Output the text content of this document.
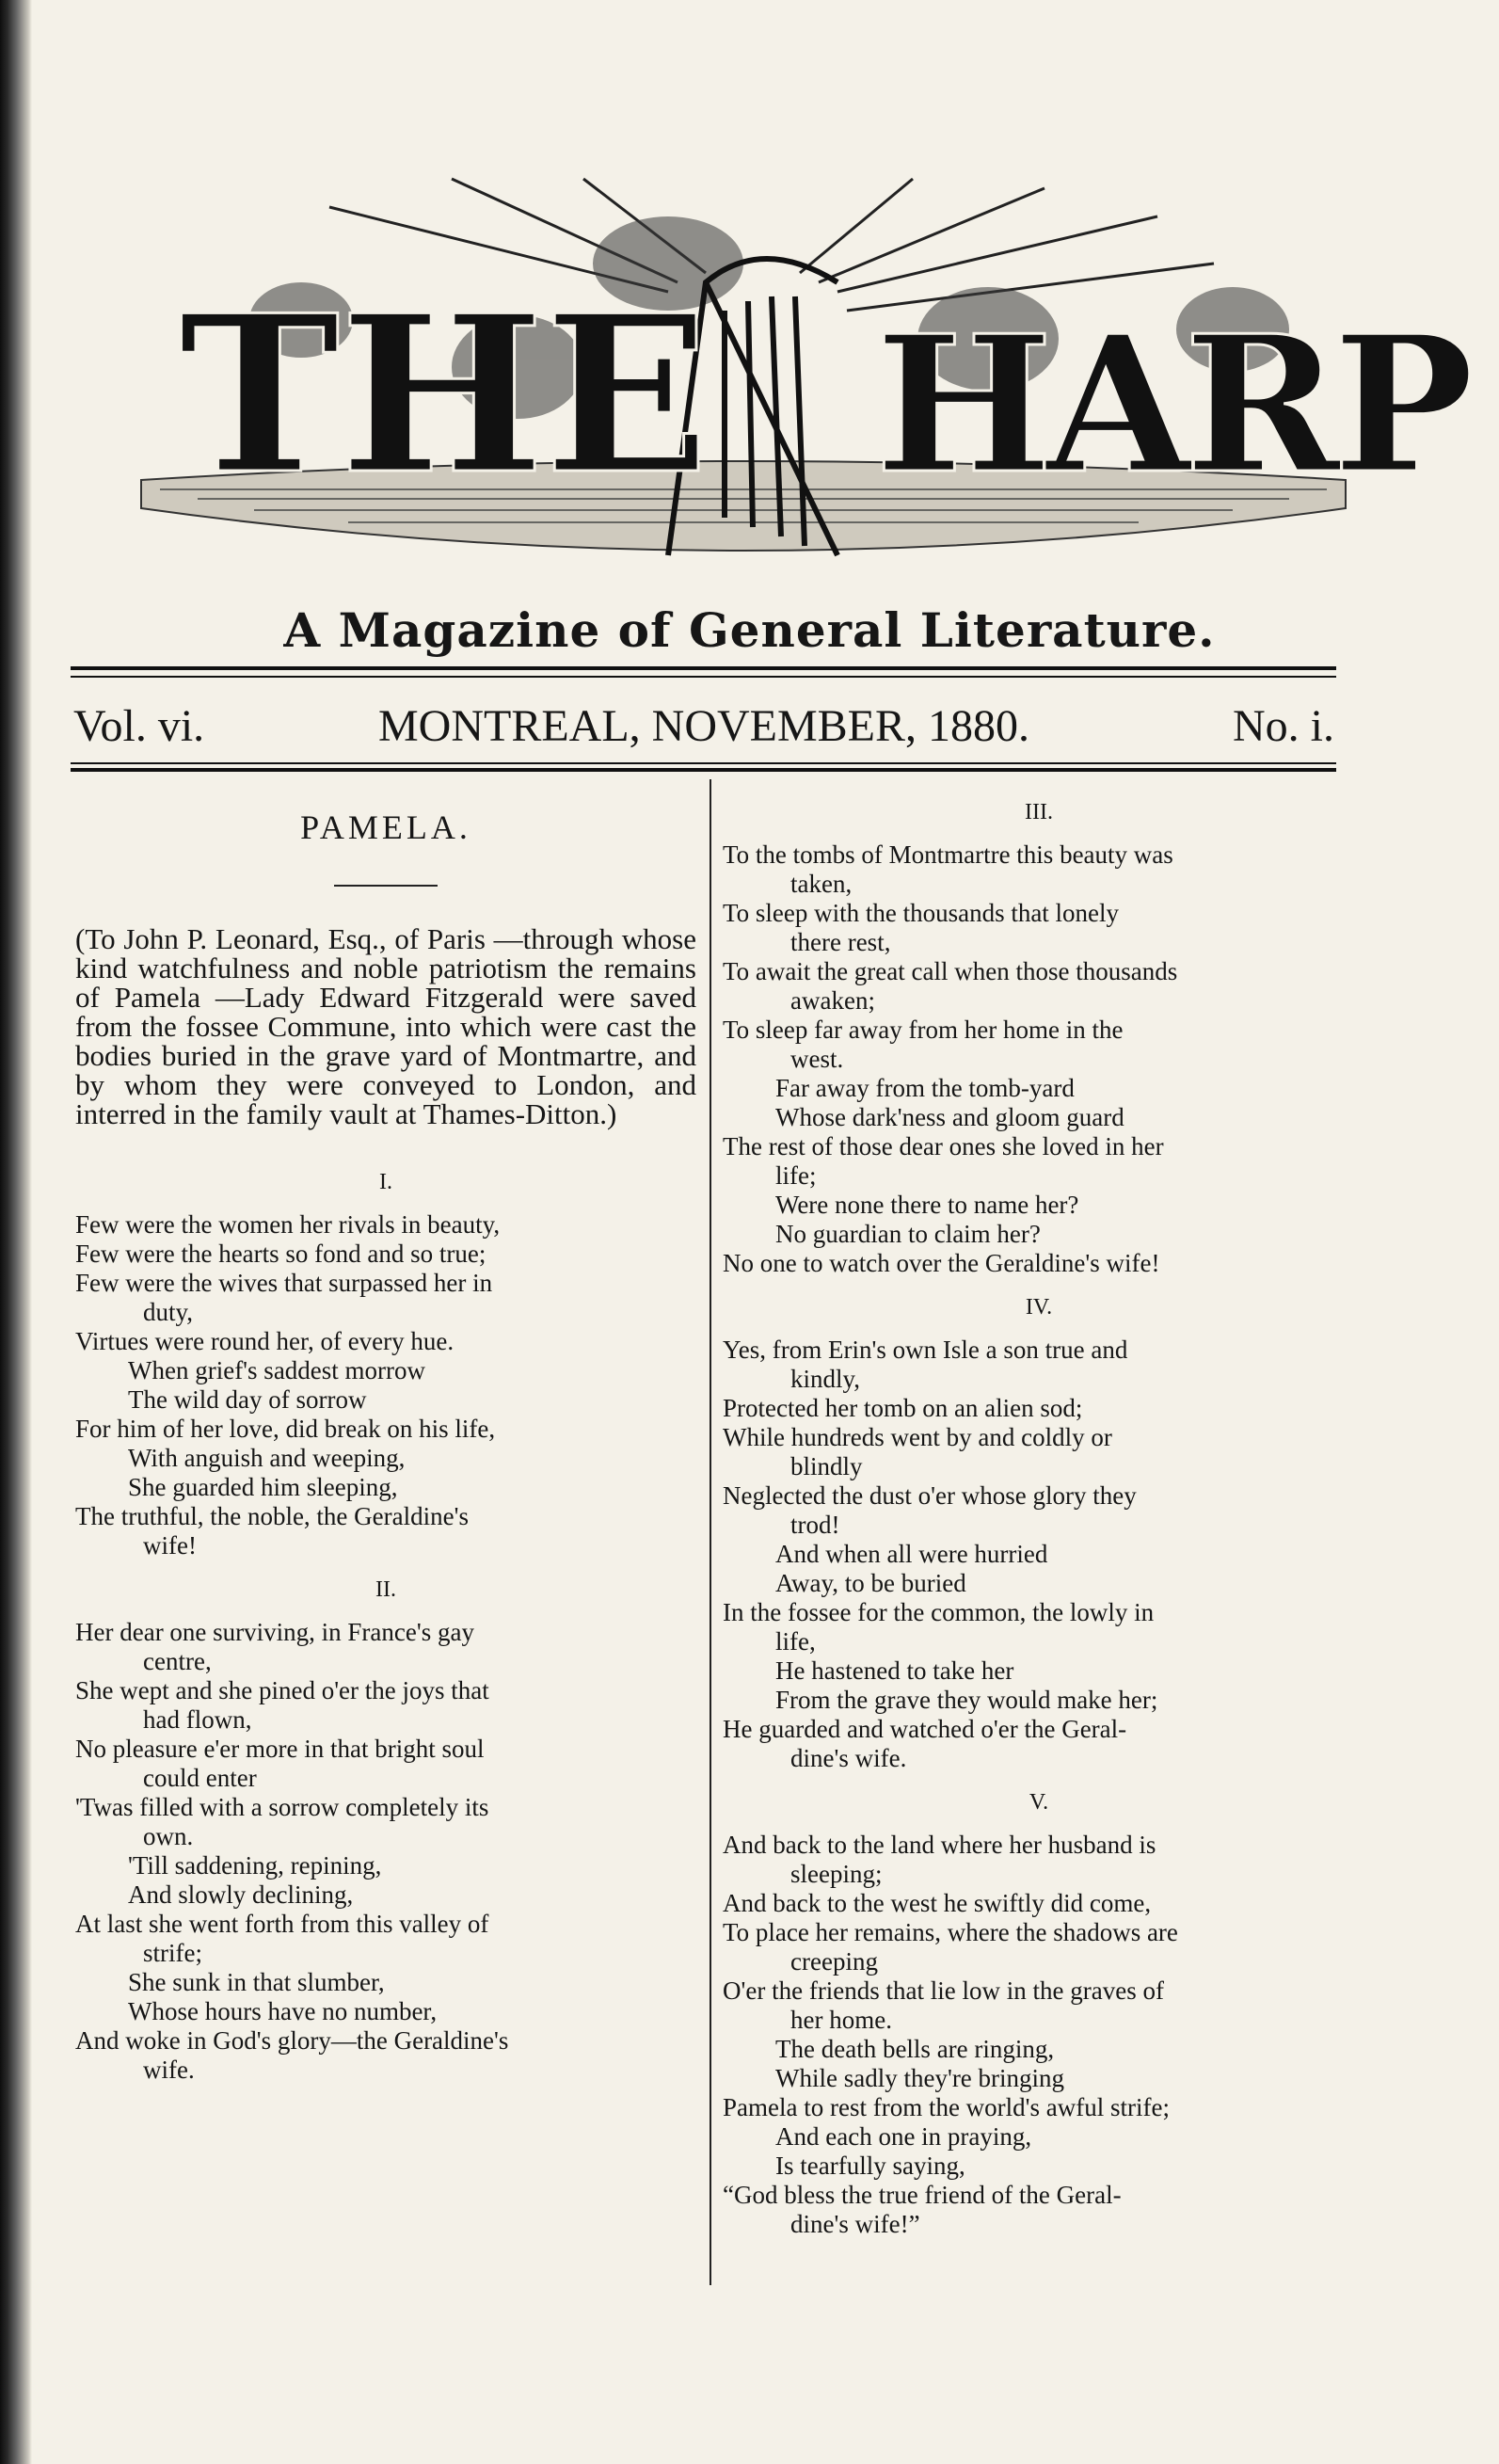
THE HARP
A Magazine of General Literature.
Vol. vi.	MONTREAL, NOVEMBER, 1880.	No. i.
PAMELA.
(To John P. Leonard, Esq., of Paris —through whose kind watchfulness and noble patriotism the remains of Pamela —Lady Edward Fitzgerald were saved from the fossee Commune, into which were cast the bodies buried in the grave yard of Montmartre, and by whom they were conveyed to London, and interred in the family vault at Thames-Ditton.)
I.
Few were the women her rivals in beauty,
Few were the hearts so fond and so true;
Few were the wives that surpassed her in
duty,
Virtues were round her, of every hue.
When grief's saddest morrow
The wild day of sorrow
For him of her love, did break on his life,
With anguish and weeping,
She guarded him sleeping,
The truthful, the noble, the Geraldine's
wife!
II.
Her dear one surviving, in France's gay
centre,
She wept and she pined o'er the joys that
had flown,
No pleasure e'er more in that bright soul
could enter
'Twas filled with a sorrow completely its
own.
'Till saddening, repining,
And slowly declining,
At last she went forth from this valley of
strife;
She sunk in that slumber,
Whose hours have no number,
And woke in God's glory—the Geraldine's
wife.
III.
To the tombs of Montmartre this beauty was
taken,
To sleep with the thousands that lonely
there rest,
To await the great call when those thousands
awaken;
To sleep far away from her home in the
west.
Far away from the tomb-yard
Whose dark'ness and gloom guard
The rest of those dear ones she loved in her
life;
Were none there to name her?
No guardian to claim her?
No one to watch over the Geraldine's wife!
IV.
Yes, from Erin's own Isle a son true and
kindly,
Protected her tomb on an alien sod;
While hundreds went by and coldly or
blindly
Neglected the dust o'er whose glory they
trod!
And when all were hurried
Away, to be buried
In the fossee for the common, the lowly in
life,
He hastened to take her
From the grave they would make her;
He guarded and watched o'er the Geral-
dine's wife.
V.
And back to the land where her husband is
sleeping;
And back to the west he swiftly did come,
To place her remains, where the shadows are
creeping
O'er the friends that lie low in the graves of
her home.
The death bells are ringing,
While sadly they're bringing
Pamela to rest from the world's awful strife;
And each one in praying,
Is tearfully saying,
“God bless the true friend of the Geral-
dine's wife!”
